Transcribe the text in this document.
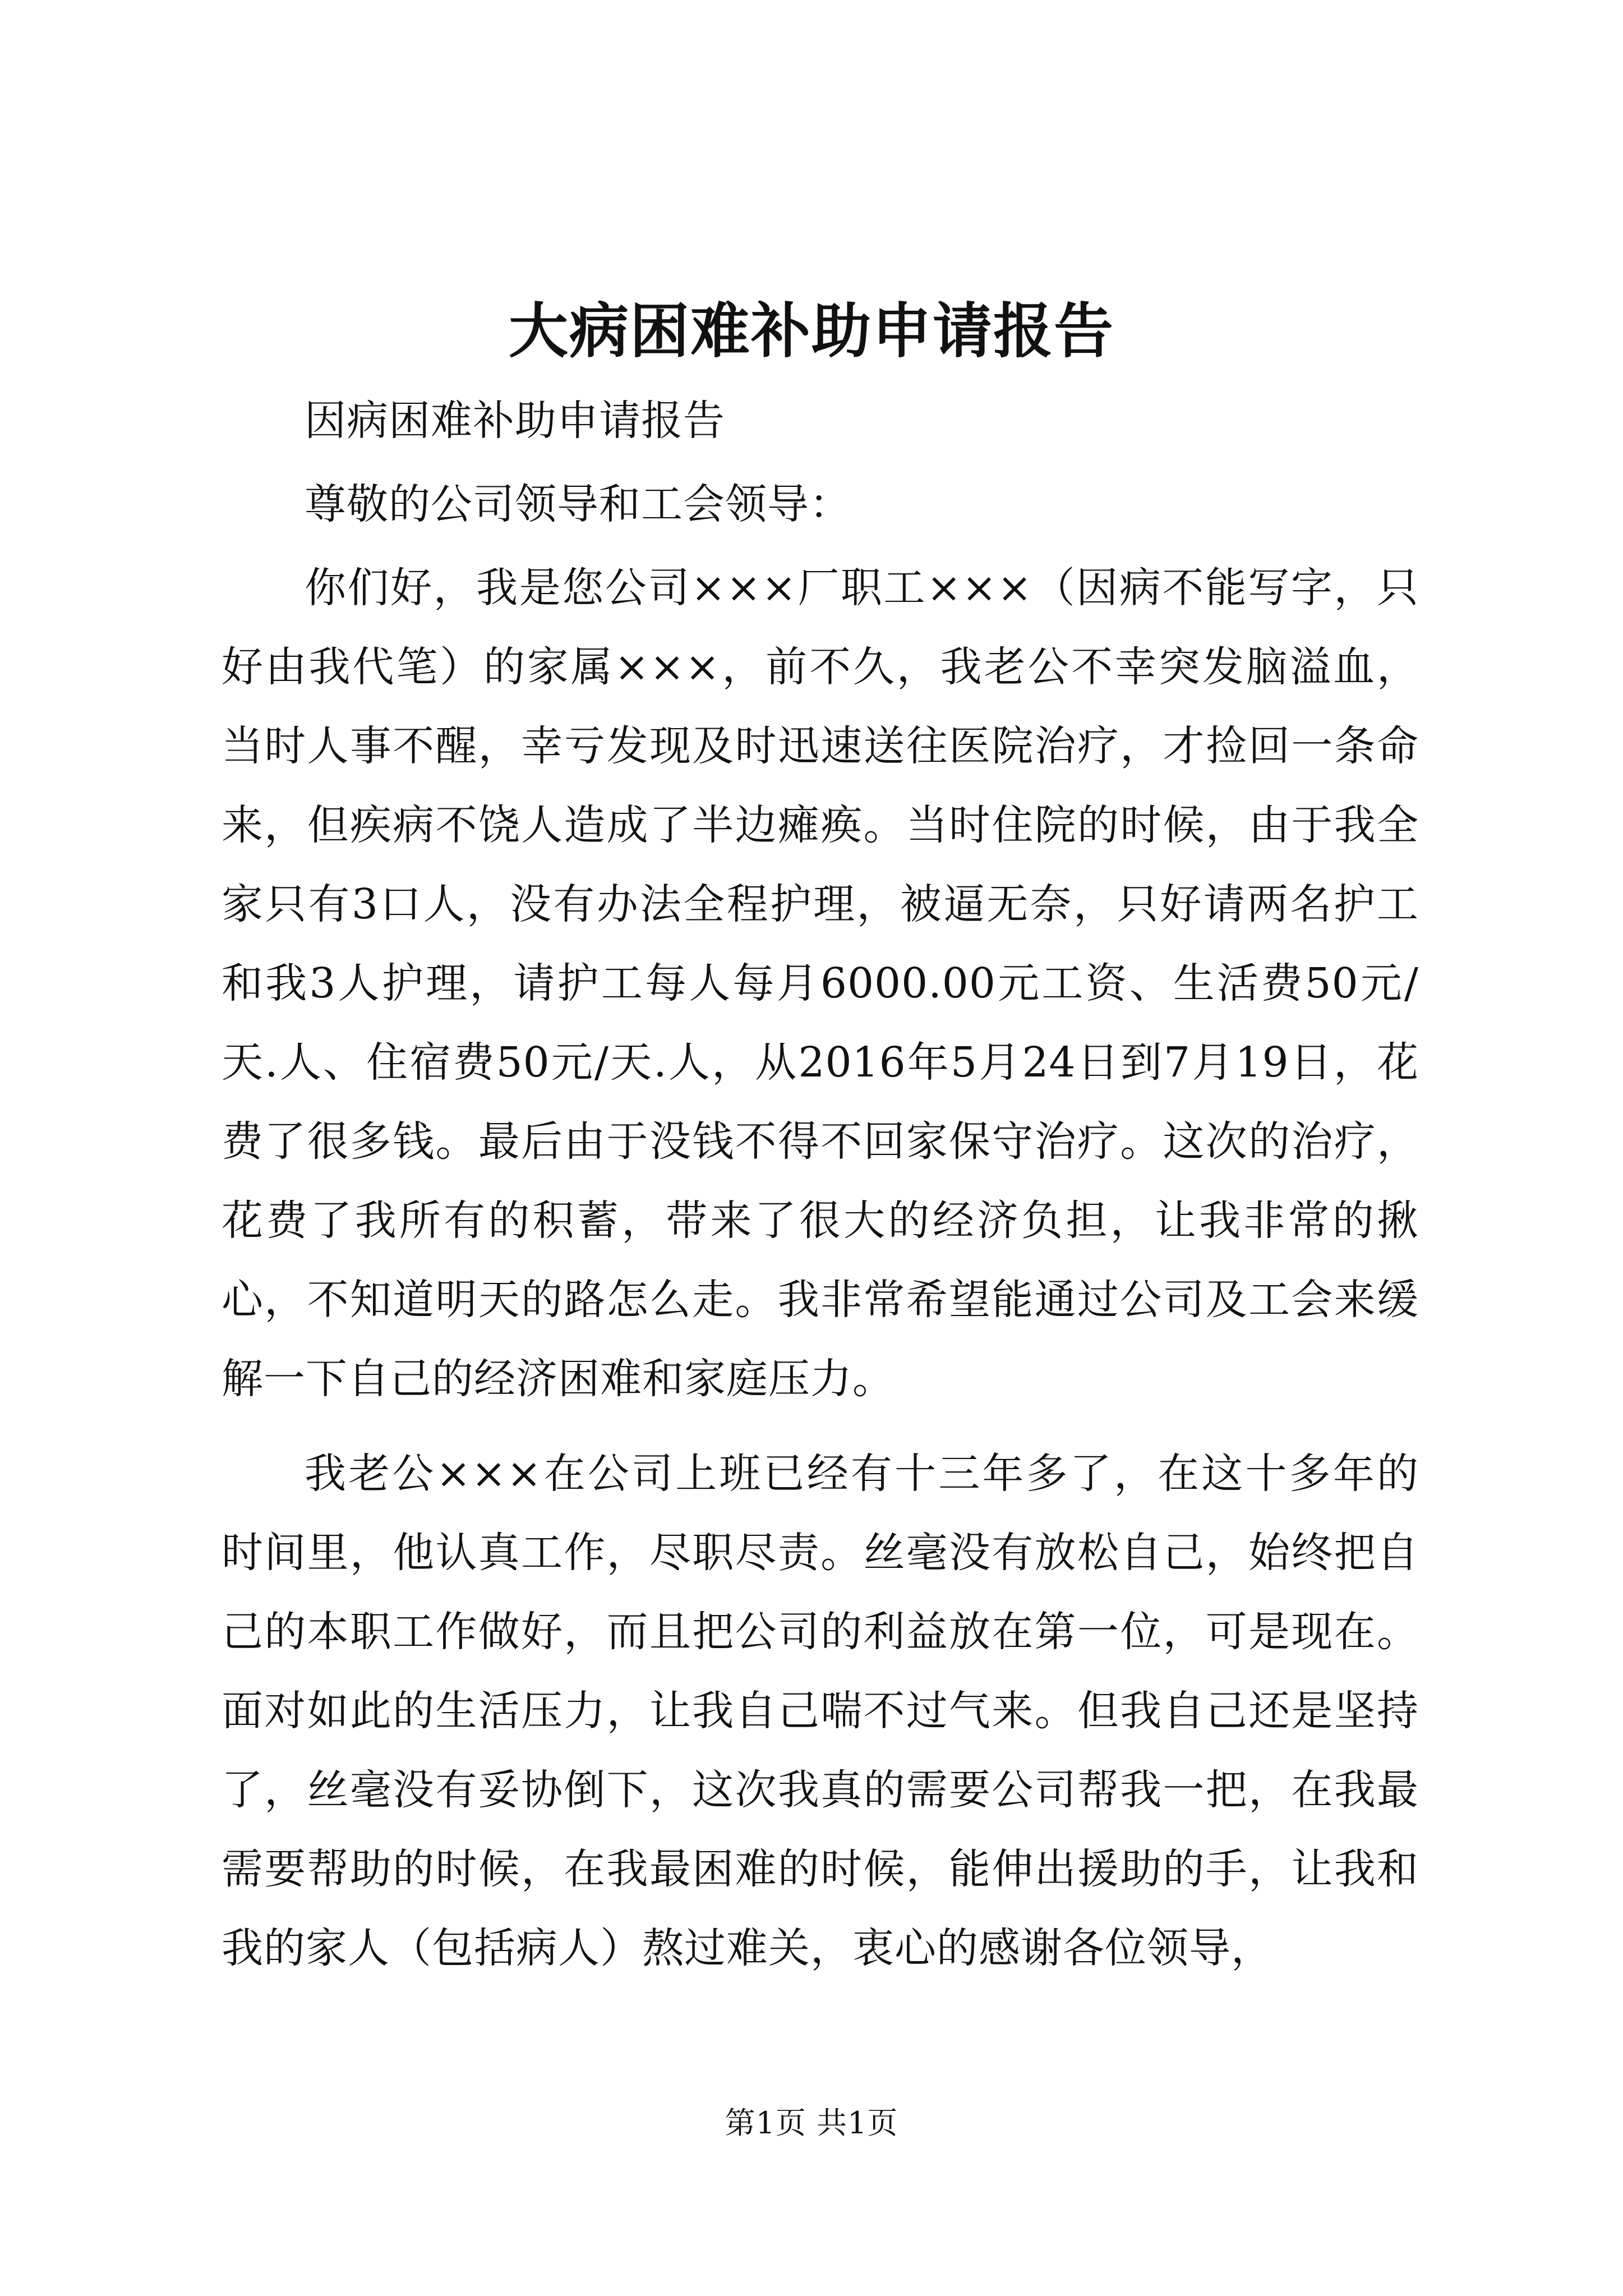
大病困难补助申请报告

因病困难补助申请报告

尊敬的公司领导和工会领导：

你们好，我是您公司×××厂职工×××（因病不能写字，只好由我代笔）的家属×××，前不久，我老公不幸突发脑溢血，当时人事不醒，幸亏发现及时迅速送往医院治疗，才捡回一条命来，但疾病不饶人造成了半边瘫痪。当时住院的时候，由于我全家只有3口人，没有办法全程护理，被逼无奈，只好请两名护工和我3人护理，请护工每人每月6000.00元工资、生活费50元/天.人、住宿费50元/天.人，从2016年5月24日到7月19日，花费了很多钱。最后由于没钱不得不回家保守治疗。这次的治疗，花费了我所有的积蓄，带来了很大的经济负担，让我非常的揪心，不知道明天的路怎么走。我非常希望能通过公司及工会来缓解一下自己的经济困难和家庭压力。

我老公×××在公司上班已经有十三年多了，在这十多年的时间里，他认真工作，尽职尽责。丝毫没有放松自己，始终把自己的本职工作做好，而且把公司的利益放在第一位，可是现在。面对如此的生活压力，让我自己喘不过气来。但我自己还是坚持了，丝毫没有妥协倒下，这次我真的需要公司帮我一把，在我最需要帮助的时候，在我最困难的时候，能伸出援助的手，让我和我的家人（包括病人）熬过难关，衷心的感谢各位领导，

第1页 共1页
